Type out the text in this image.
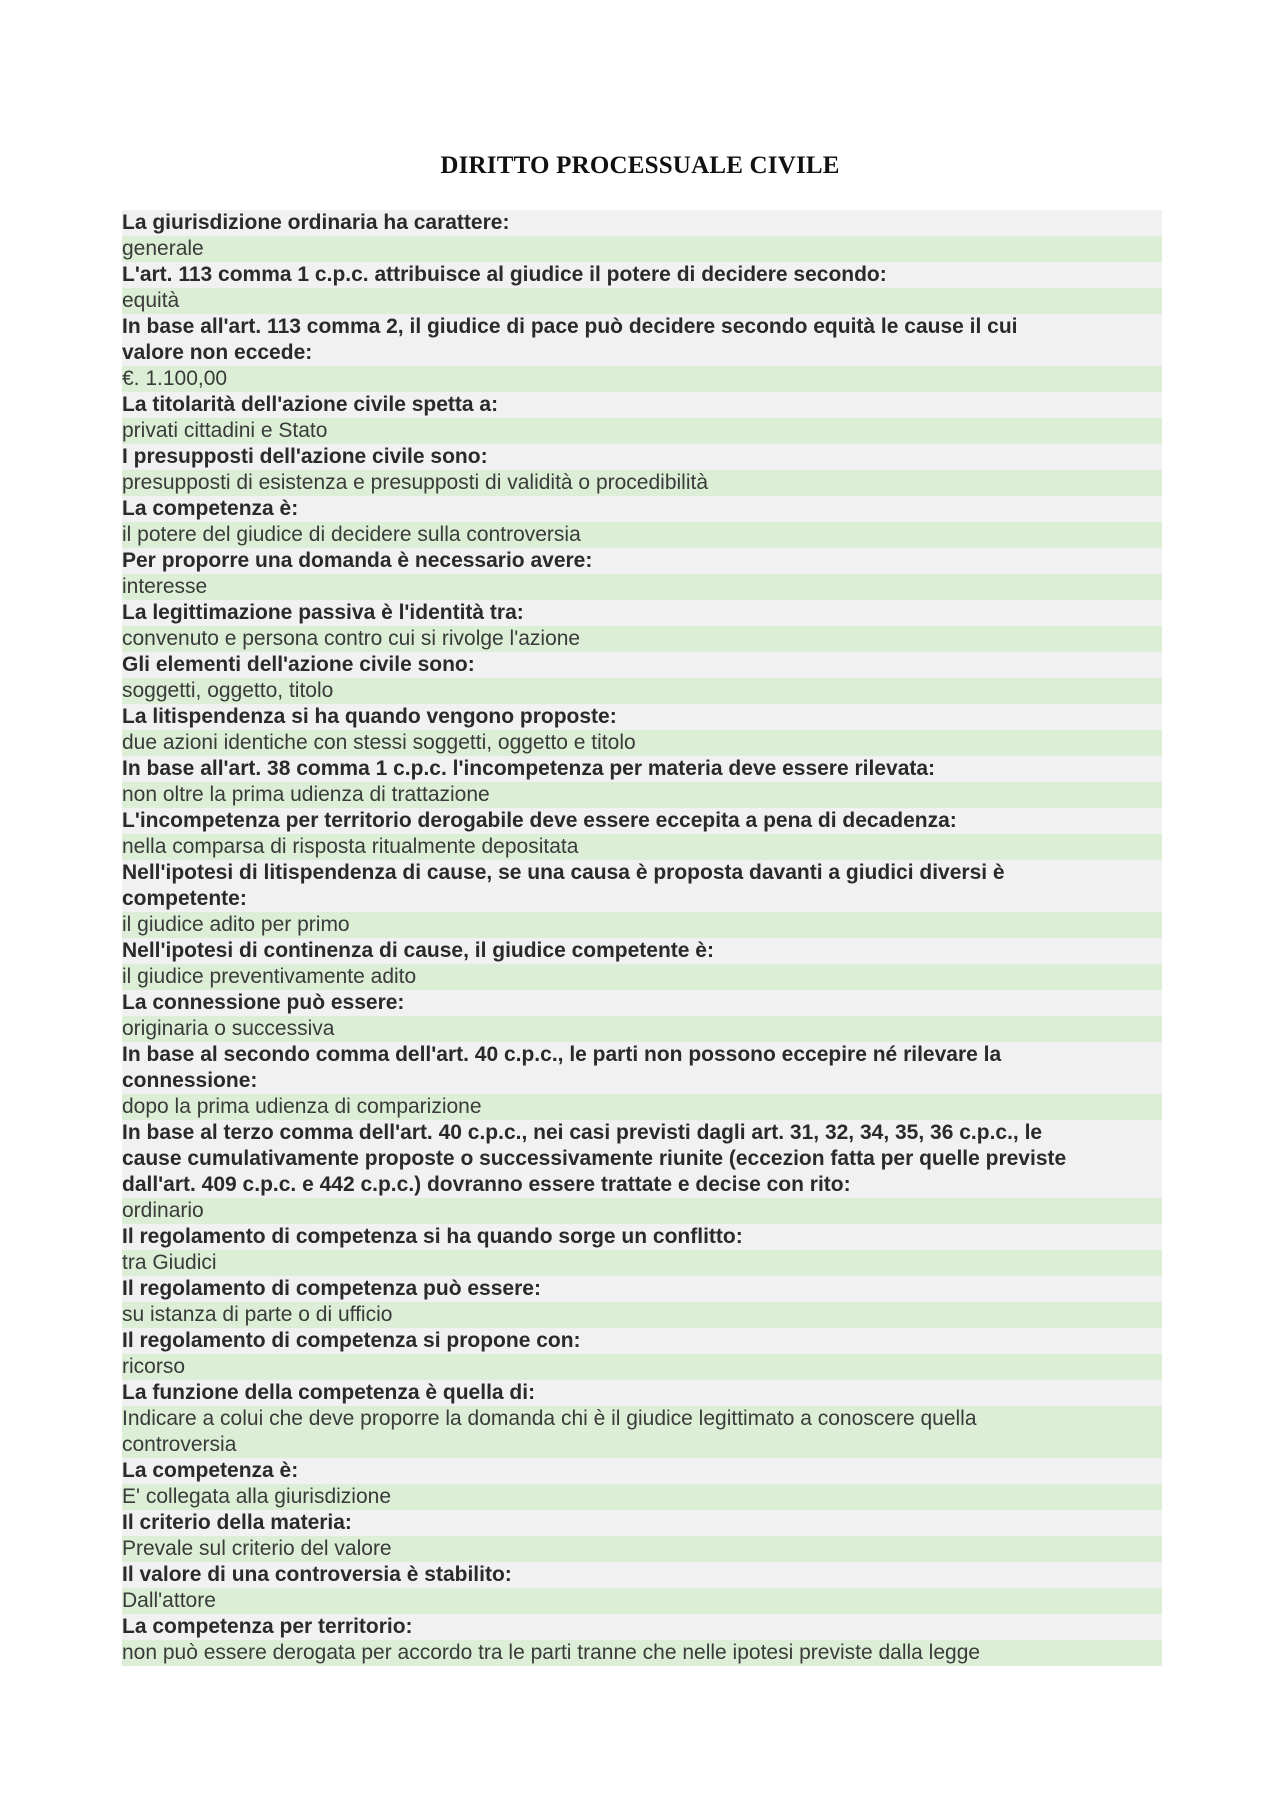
DIRITTO PROCESSUALE CIVILE
La giurisdizione ordinaria ha carattere:
generale
L'art. 113 comma 1 c.p.c. attribuisce al giudice il potere di decidere secondo:
equità
In base all'art. 113 comma 2, il giudice di pace può decidere secondo equità le cause il cui
valore non eccede:
€. 1.100,00
La titolarità dell'azione civile spetta a:
privati cittadini e Stato
I presupposti dell'azione civile sono:
presupposti di esistenza e presupposti di validità o procedibilità
La competenza è:
il potere del giudice di decidere sulla controversia
Per proporre una domanda è necessario avere:
interesse
La legittimazione passiva è l'identità tra:
convenuto e persona contro cui si rivolge l'azione
Gli elementi dell'azione civile sono:
soggetti, oggetto, titolo
La litispendenza si ha quando vengono proposte:
due azioni identiche con stessi soggetti, oggetto e titolo
In base all'art. 38 comma 1 c.p.c. l'incompetenza per materia deve essere rilevata:
non oltre la prima udienza di trattazione
L'incompetenza per territorio derogabile deve essere eccepita a pena di decadenza:
nella comparsa di risposta ritualmente depositata
Nell'ipotesi di litispendenza di cause, se una causa è proposta davanti a giudici diversi è
competente:
il giudice adito per primo
Nell'ipotesi di continenza di cause, il giudice competente è:
il giudice preventivamente adito
La connessione può essere:
originaria o successiva
In base al secondo comma dell'art. 40 c.p.c., le parti non possono eccepire né rilevare la
connessione:
dopo la prima udienza di comparizione
In base al terzo comma dell'art. 40 c.p.c., nei casi previsti dagli art. 31, 32, 34, 35, 36 c.p.c., le
cause cumulativamente proposte o successivamente riunite (eccezion fatta per quelle previste
dall'art. 409 c.p.c. e 442 c.p.c.) dovranno essere trattate e decise con rito:
ordinario
Il regolamento di competenza si ha quando sorge un conflitto:
tra Giudici
Il regolamento di competenza può essere:
su istanza di parte o di ufficio
Il regolamento di competenza si propone con:
ricorso
La funzione della competenza è quella di:
Indicare a colui che deve proporre la domanda chi è il giudice legittimato a conoscere quella
controversia
La competenza è:
E' collegata alla giurisdizione
Il criterio della materia:
Prevale sul criterio del valore
Il valore di una controversia è stabilito:
Dall'attore
La competenza per territorio:
non può essere derogata per accordo tra le parti tranne che nelle ipotesi previste dalla legge
